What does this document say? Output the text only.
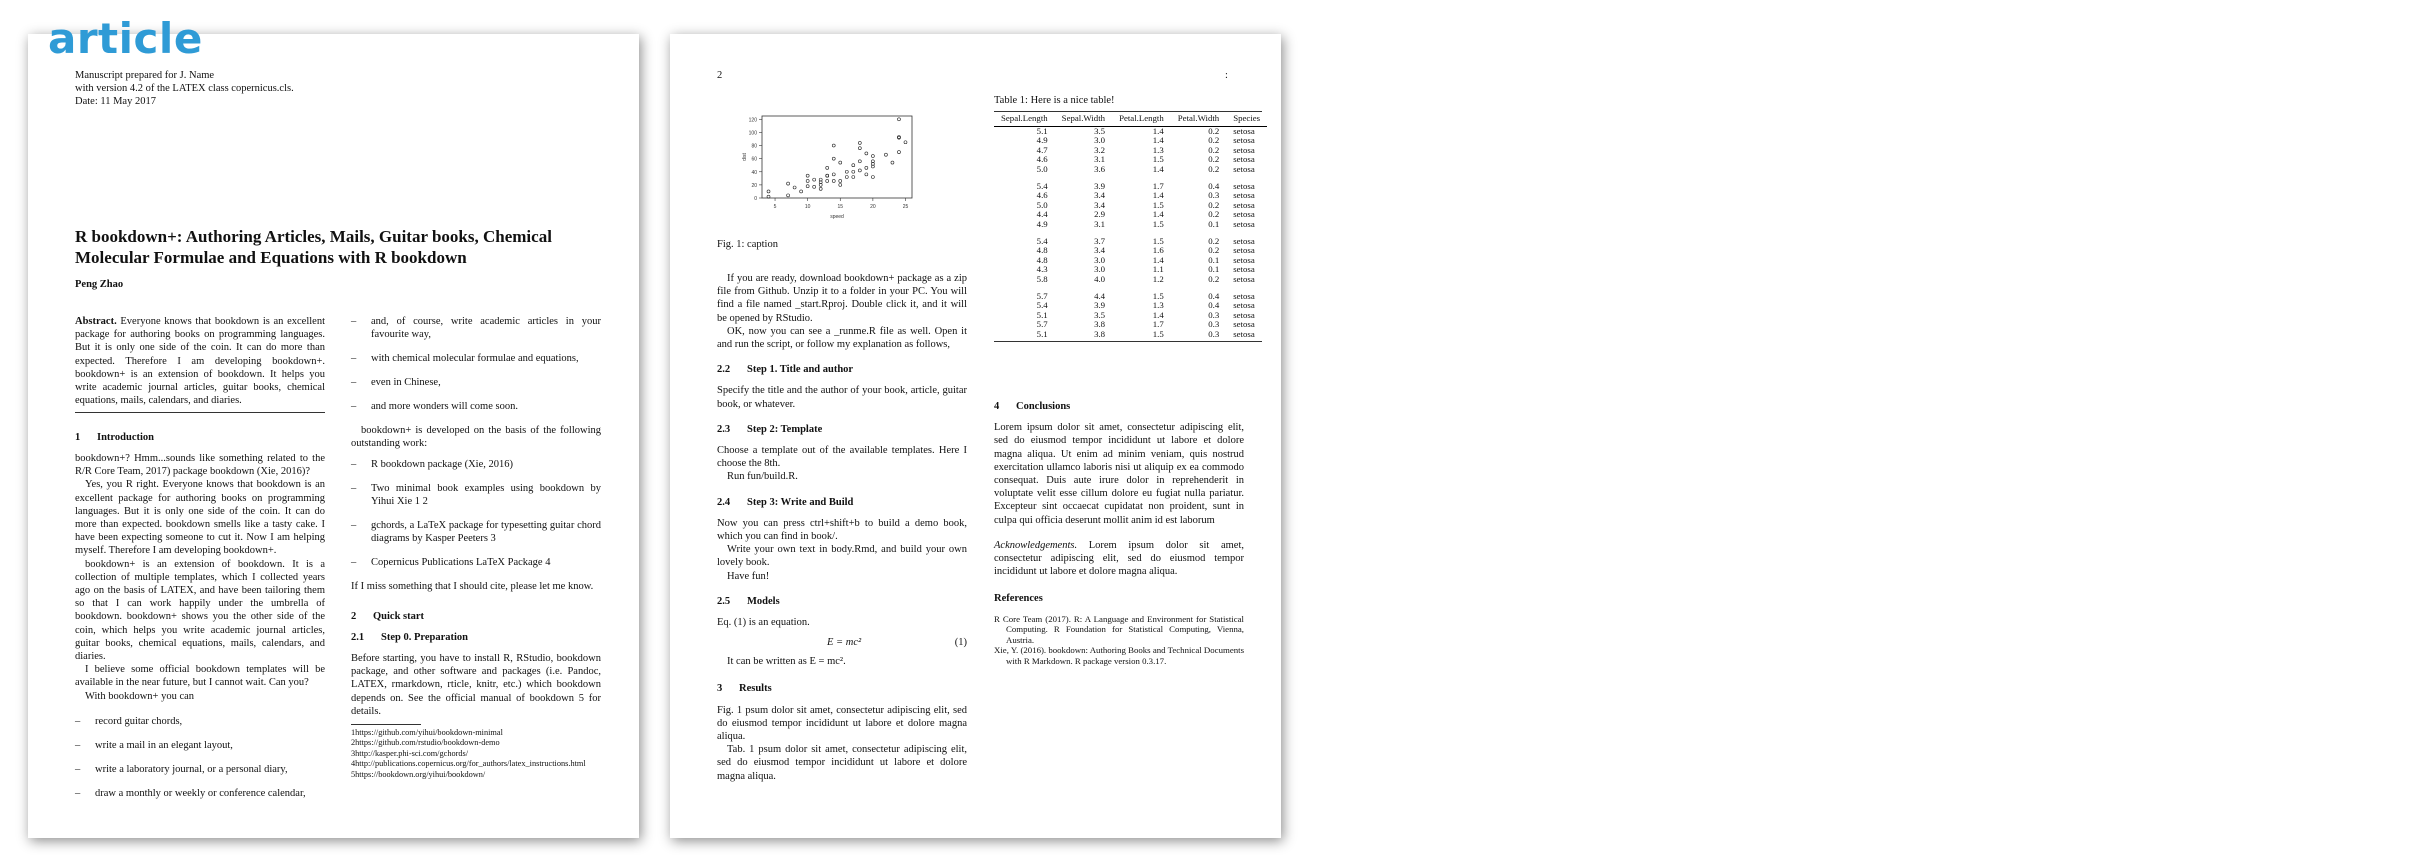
article
Manuscript prepared for J. Name
with version 4.2 of the LATEX class copernicus.cls.
Date: 11 May 2017
R bookdown+: Authoring Articles, Mails, Guitar books, Chemical Molecular Formulae and Equations with R bookdown
Peng Zhao
Abstract. Everyone knows that bookdown is an excellent package for authoring books on programming languages. But it is only one side of the coin. It can do more than expected. Therefore I am developing bookdown+. bookdown+ is an extension of bookdown. It helps you write academic journal articles, guitar books, chemical equations, mails, calendars, and diaries.
1 Introduction
bookdown+? Hmm...sounds like something related to the R/R Core Team, 2017) package bookdown (Xie, 2016)?
Yes, you R right. Everyone knows that bookdown is an excellent package for authoring books on programming languages. But it is only one side of the coin. It can do more than expected. bookdown smells like a tasty cake. I have been expecting someone to cut it. Now I am helping myself. Therefore I am developing bookdown+.
bookdown+ is an extension of bookdown. It is a collection of multiple templates, which I collected years ago on the basis of LATEX, and have been tailoring them so that I can work happily under the umbrella of bookdown. bookdown+ shows you the other side of the coin, which helps you write academic journal articles, guitar books, chemical equations, mails, calendars, and diaries.
I believe some official bookdown templates will be available in the near future, but I cannot wait. Can you?
With bookdown+ you can
– record guitar chords,
– write a mail in an elegant layout,
– write a laboratory journal, or a personal diary,
– draw a monthly or weekly or conference calendar,
– and, of course, write academic articles in your favourite way,
– with chemical molecular formulae and equations,
– even in Chinese,
– and more wonders will come soon.
bookdown+ is developed on the basis of the following outstanding work:
– R bookdown package (Xie, 2016)
– Two minimal book examples using bookdown by Yihui Xie 1 2
– gchords, a LaTeX package for typesetting guitar chord diagrams by Kasper Peeters 3
– Copernicus Publications LaTeX Package 4
If I miss something that I should cite, please let me know.
2 Quick start
2.1 Step 0. Preparation
Before starting, you have to install R, RStudio, bookdown package, and other software and packages (i.e. Pandoc, LATEX, rmarkdown, rticle, knitr, etc.) which bookdown depends on. See the official manual of bookdown 5 for details.
1https://github.com/yihui/bookdown-minimal
2https://github.com/rstudio/bookdown-demo
3http://kasper.phi-sci.com/gchords/
4http://publications.copernicus.org/for_authors/latex_instructions.html
5https://bookdown.org/yihui/bookdown/
2	:
5	10	15	20	25
0
20
40
60
80
100
120
speed
dist
Fig. 1: caption
If you are ready, download bookdown+ package as a zip file from Github. Unzip it to a folder in your PC. You will find a file named _start.Rproj. Double click it, and it will be opened by RStudio.
OK, now you can see a _runme.R file as well. Open it and run the script, or follow my explanation as follows,
2.2 Step 1. Title and author
Specify the title and the author of your book, article, guitar book, or whatever.
2.3 Step 2: Template
Choose a template out of the available templates. Here I choose the 8th.
Run fun/build.R.
2.4 Step 3: Write and Build
Now you can press ctrl+shift+b to build a demo book, which you can find in book/.
Write your own text in body.Rmd, and build your own lovely book.
Have fun!
2.5 Models
Eq. (1) is an equation.
E = mc²	(1)
It can be written as E = mc².
3 Results
Fig. 1 psum dolor sit amet, consectetur adipiscing elit, sed do eiusmod tempor incididunt ut labore et dolore magna aliqua.
Tab. 1 psum dolor sit amet, consectetur adipiscing elit, sed do eiusmod tempor incididunt ut labore et dolore magna aliqua.
Table 1: Here is a nice table!
Sepal.Length	Sepal.Width	Petal.Length	Petal.Width	Species
5.1	3.5	1.4	0.2	setosa
4.9	3.0	1.4	0.2	setosa
4.7	3.2	1.3	0.2	setosa
4.6	3.1	1.5	0.2	setosa
5.0	3.6	1.4	0.2	setosa
5.4	3.9	1.7	0.4	setosa
4.6	3.4	1.4	0.3	setosa
5.0	3.4	1.5	0.2	setosa
4.4	2.9	1.4	0.2	setosa
4.9	3.1	1.5	0.1	setosa
5.4	3.7	1.5	0.2	setosa
4.8	3.4	1.6	0.2	setosa
4.8	3.0	1.4	0.1	setosa
4.3	3.0	1.1	0.1	setosa
5.8	4.0	1.2	0.2	setosa
5.7	4.4	1.5	0.4	setosa
5.4	3.9	1.3	0.4	setosa
5.1	3.5	1.4	0.3	setosa
5.7	3.8	1.7	0.3	setosa
5.1	3.8	1.5	0.3	setosa
4 Conclusions
Lorem ipsum dolor sit amet, consectetur adipiscing elit, sed do eiusmod tempor incididunt ut labore et dolore magna aliqua. Ut enim ad minim veniam, quis nostrud exercitation ullamco laboris nisi ut aliquip ex ea commodo consequat. Duis aute irure dolor in reprehenderit in voluptate velit esse cillum dolore eu fugiat nulla pariatur. Excepteur sint occaecat cupidatat non proident, sunt in culpa qui officia deserunt mollit anim id est laborum
Acknowledgements. Lorem ipsum dolor sit amet, consectetur adipiscing elit, sed do eiusmod tempor incididunt ut labore et dolore magna aliqua.
References
R Core Team (2017). R: A Language and Environment for Statistical Computing. R Foundation for Statistical Computing, Vienna, Austria.
Xie, Y. (2016). bookdown: Authoring Books and Technical Documents with R Markdown. R package version 0.3.17.
